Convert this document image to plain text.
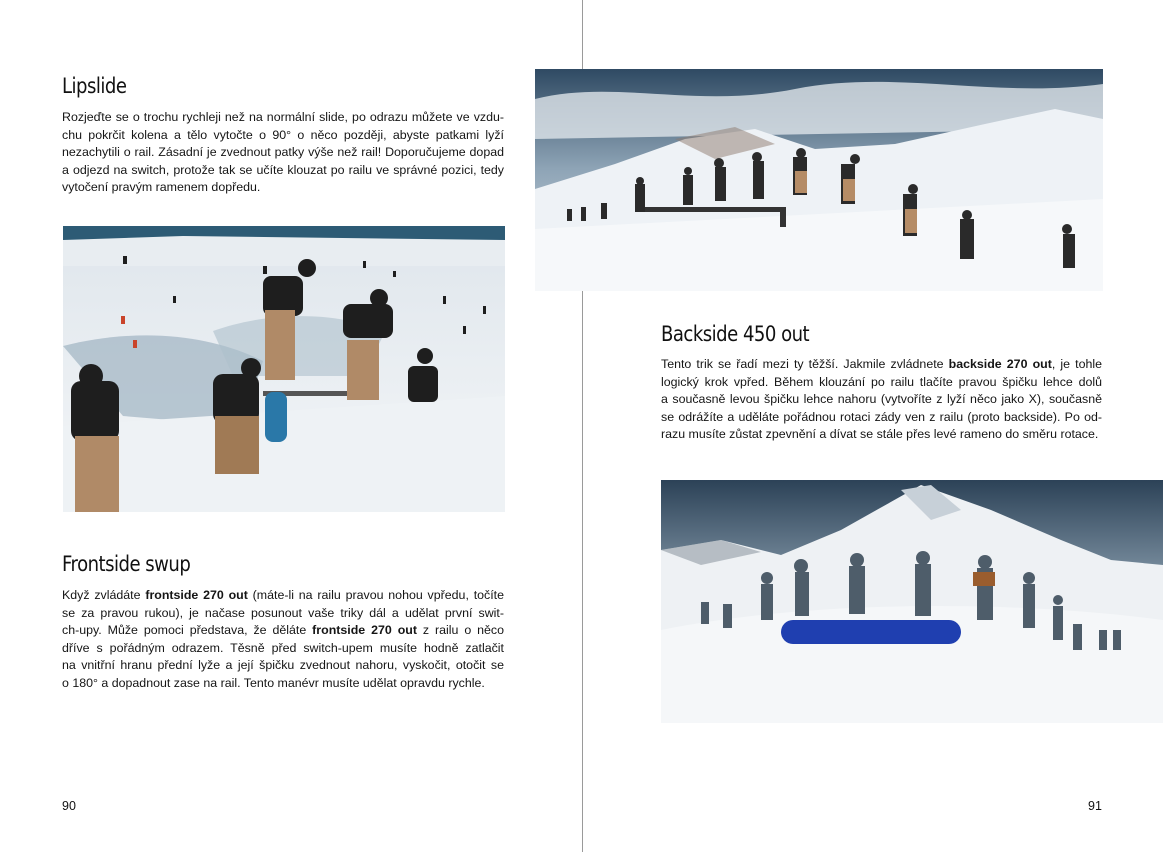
Lipslide
Rozjeďte se o trochu rychleji než na normální slide, po odrazu můžete ve vzdu-
chu pokrčit kolena a tělo vytočte o 90° o něco později, abyste patkami lyží
nezachytili o rail. Zásadní je zvednout patky výše než rail! Doporučujeme dopad
a odjezd na switch, protože tak se učíte klouzat po railu ve správné pozici, tedy
vytočení pravým ramenem dopředu.
Frontside swup
Když zvládáte frontside 270 out (máte-li na railu pravou nohou vpředu, točíte
se za pravou rukou), je načase posunout vaše triky dál a udělat první swit-
ch-upy. Může pomoci představa, že děláte frontside 270 out z railu o něco
dříve s pořádným odrazem. Těsně před switch-upem musíte hodně zatlačit
na vnitřní hranu přední lyže a její špičku zvednout nahoru, vyskočit, otočit se
o 180° a dopadnout zase na rail. Tento manévr musíte udělat opravdu rychle.
90
Backside 450 out
Tento trik se řadí mezi ty těžší. Jakmile zvládnete backside 270 out, je tohle
logický krok vpřed. Během klouzání po railu tlačíte pravou špičku lehce dolů
a současně levou špičku lehce nahoru (vytvoříte z lyží něco jako X), současně
se odrážíte a uděláte pořádnou rotaci zády ven z railu (proto backside). Po od-
razu musíte zůstat zpevnění a dívat se stále přes levé rameno do směru rotace.
91
